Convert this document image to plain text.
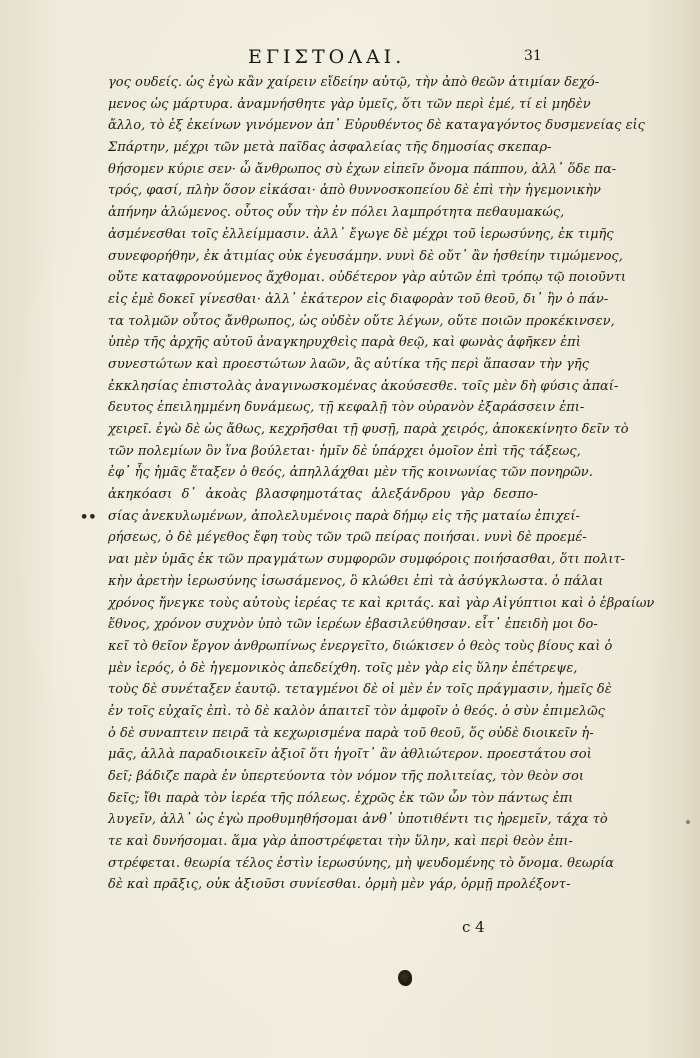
ΕΓΙΣΤΟΛΑΙ.	31
γος ουδείς. ὡς ἐγὼ κἂν χαίρειν εἴδείην αὐτῷ, τὴν ἀπὸ θεῶν ἀτιμίαν δεχό-
μενος ὡς μάρτυρα. ἀναμνήσθητε γὰρ ὑμεῖς, ὅτι τῶν περὶ ἐμέ, τί εἰ μηδὲν
ἄλλο, τὸ ἐξ ἐκείνων γινόμενον ἀπ᾽ Εὐρυθέντος δὲ καταγαγόντος δυσμενείας εἰς
Σπάρτην, μέχρι τῶν μετὰ παῖδας ἀσφαλείας τῆς δημοσίας σκεπαρ-
θήσομεν κύριε σεν· ὦ ἄνθρωπος σὺ ἐχων εἰπεῖν ὄνομα πάππου, ἀλλ᾽ ὅδε πα-
τρός, φασί, πλὴν ὅσον εἰκάσαι· ἀπὸ θυννοσκοπείου δὲ ἐπὶ τὴν ἡγεμονικὴν
ἀπήνην ἀλώμενος. οὗτος οὖν τὴν ἐν πόλει λαμπρότητα πεθαυμακώς,
ἀσμένεσθαι τοῖς ἐλλείμμασιν. ἀλλ᾽ ἔγωγε δὲ μέχρι τοῦ ἱερωσύνης, ἐκ τιμῆς
συνεφορήθην, ἐκ ἀτιμίας οὐκ ἐγευσάμην. νυνὶ δὲ οὔτ᾽ ἂν ἡσθείην τιμώμενος,
οὔτε καταφρονούμενος ἄχθομαι. οὐδέτερον γὰρ αὐτῶν ἐπὶ τρόπῳ τῷ ποιοῦντι
εἰς ἐμὲ δοκεῖ γίνεσθαι· ἀλλ᾽ ἑκάτερον εἰς διαφορὰν τοῦ θεοῦ, δι᾽ ἣν ὁ πάν-
τα τολμῶν οὗτος ἄνθρωπος, ὡς οὐδὲν οὔτε λέγων, οὔτε ποιῶν προκέκινσεν,
ὑπὲρ τῆς ἀρχῆς αὐτοῦ ἀναγκηρυχθεὶς παρὰ θεῷ, καὶ φωνὰς ἀφῆκεν ἐπὶ
συνεστώτων καὶ προεστώτων λαῶν, ἃς αὐτίκα τῆς περὶ ἅπασαν τὴν γῆς
ἐκκλησίας ἐπιστολὰς ἀναγινωσκομένας ἀκούσεσθε. τοῖς μὲν δὴ φύσις ἀπαί-
δευτος ἐπειλημμένη δυνάμεως, τῇ κεφαλῇ τὸν οὐρανὸν ἐξαράσσειν ἐπι-
χειρεῖ. ἐγὼ δὲ ὡς ἄθως, κεχρῆσθαι τῇ φυσῇ, παρὰ χειρός, ἀποκεκίνητο δεῖν τὸ
τῶν πολεμίων ὃν ἵνα βούλεται· ἡμῖν δὲ ὑπάρχει ὁμοῖον ἐπὶ τῆς τάξεως,
ἐφ᾽ ἧς ἡμᾶς ἔταξεν ὁ θεός, ἀπηλλάχθαι μὲν τῆς κοινωνίας τῶν πονηρῶν.
ἀκηκόασι δ᾽ ἀκοὰς βλασφημοτάτας ἀλεξάνδρου γὰρ δεσπο-
σίας ἀνεκυλωμένων, ἀπολελυμένοις παρὰ δήμῳ εἰς τῆς ματαίω ἐπιχεί-
ρήσεως, ὁ δὲ μέγεθος ἔφη τοὺς τῶν τρῶ πείρας ποιήσαι. νυνὶ δὲ προεμέ-
ναι μὲν ὑμᾶς ἐκ τῶν πραγμάτων συμφορῶν συμφόροις ποιήσασθαι, ὅτι πολιτ-
κὴν ἀρετὴν ἱερωσύνης ἰσωσάμενος, ὃ κλώθει ἐπὶ τὰ ἀσύγκλωστα. ὁ πάλαι
χρόνος ἤνεγκε τοὺς αὐτοὺς ἱερέας τε καὶ κριτάς. καὶ γὰρ Αἰγύπτιοι καὶ ὁ ἑβραίων
ἔθνος, χρόνον συχνὸν ὑπὸ τῶν ἱερέων ἐβασιλεύθησαν. εἶτ᾽ ἐπειδὴ μοι δο-
κεῖ τὸ θεῖον ἔργον ἀνθρωπίνως ἐνεργεῖτο, διώκισεν ὁ θεὸς τοὺς βίους καὶ ὁ
μὲν ἱερός, ὁ δὲ ἡγεμονικὸς ἀπεδείχθη. τοῖς μὲν γὰρ εἰς ὕλην ἐπέτρεψε,
τοὺς δὲ συνέταξεν ἑαυτῷ. τεταγμένοι δὲ οἱ μὲν ἐν τοῖς πράγμασιν, ἡμεῖς δὲ
ἐν τοῖς εὐχαῖς ἐπὶ. τὸ δὲ καλὸν ἀπαιτεῖ τὸν ἀμφοῖν ὁ θεός. ὁ σὺν ἐπιμελῶς
ὁ δὲ συναπτειν πειρᾶ τὰ κεχωρισμένα παρὰ τοῦ θεοῦ, ὅς οὐδὲ διοικεῖν ἡ-
μᾶς, ἀλλὰ παραδιοικεῖν ἀξιοῖ ὅτι ἡγοῖτ᾽ ἂν ἀθλιώτερον. προεστάτου σοὶ
δεῖ; βάδιζε παρὰ ἐν ὑπερτεύοντα τὸν νόμον τῆς πολιτείας, τὸν θεὸν σοι
δεῖς; ἴθι παρὰ τὸν ἱερέα τῆς πόλεως. ἐχρῶς ἐκ τῶν ὧν τὸν πάντως ἐπι
λυγεῖν, ἀλλ᾽ ὡς ἐγὼ προθυμηθήσομαι ἀνθ᾽ ὑποτιθέντι τις ἠρεμεῖν, τάχα τὸ
τε καὶ δυνήσομαι. ἅμα γὰρ ἀποστρέφεται τὴν ὕλην, καὶ περὶ θεὸν ἐπι-
στρέφεται. θεωρία τέλος ἐστὶν ἱερωσύνης, μὴ ψευδομένης τὸ ὄνομα. θεωρία
δὲ καὶ πρᾶξις, οὐκ ἀξιοῦσι συνίεσθαι. ὁρμὴ μὲν γάρ, ὁρμῇ προλέξοντ-
••
c 4
